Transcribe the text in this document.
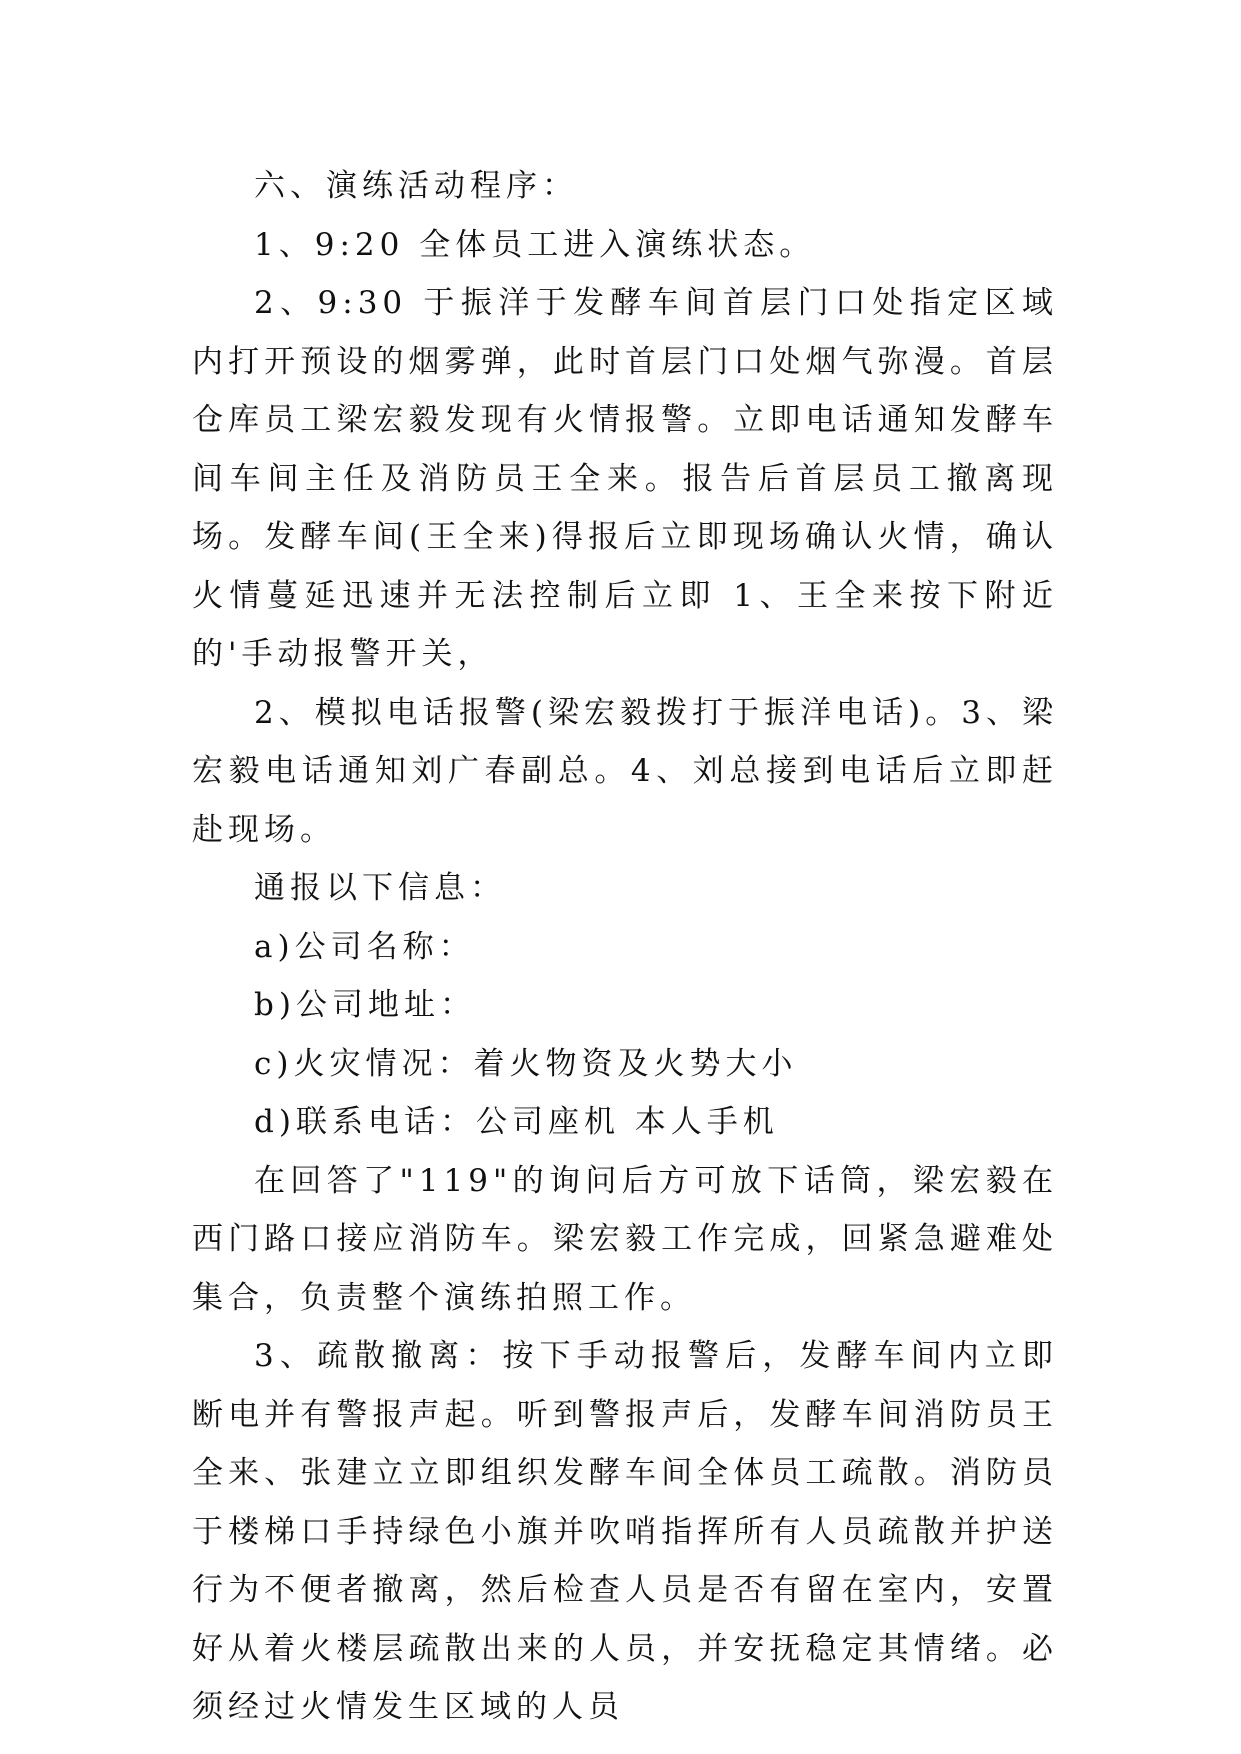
六、演练活动程序：

1、9:20 全体员工进入演练状态。

2、9:30 于振洋于发酵车间首层门口处指定区域内打开预设的烟雾弹，此时首层门口处烟气弥漫。首层仓库员工梁宏毅发现有火情报警。立即电话通知发酵车间车间主任及消防员王全来。报告后首层员工撤离现场。发酵车间(王全来)得报后立即现场确认火情，确认火情蔓延迅速并无法控制后立即 1、王全来按下附近的'手动报警开关，

2、模拟电话报警(梁宏毅拨打于振洋电话)。3、梁宏毅电话通知刘广春副总。4、刘总接到电话后立即赶赴现场。

通报以下信息：

a)公司名称：

b)公司地址：

c)火灾情况：着火物资及火势大小

d)联系电话：公司座机 本人手机

在回答了"119"的询问后方可放下话筒，梁宏毅在西门路口接应消防车。梁宏毅工作完成，回紧急避难处集合，负责整个演练拍照工作。

3、疏散撤离：按下手动报警后，发酵车间内立即断电并有警报声起。听到警报声后，发酵车间消防员王全来、张建立立即组织发酵车间全体员工疏散。消防员于楼梯口手持绿色小旗并吹哨指挥所有人员疏散并护送行为不便者撤离，然后检查人员是否有留在室内，安置好从着火楼层疏散出来的人员，并安抚稳定其情绪。必须经过火情发生区域的人员
